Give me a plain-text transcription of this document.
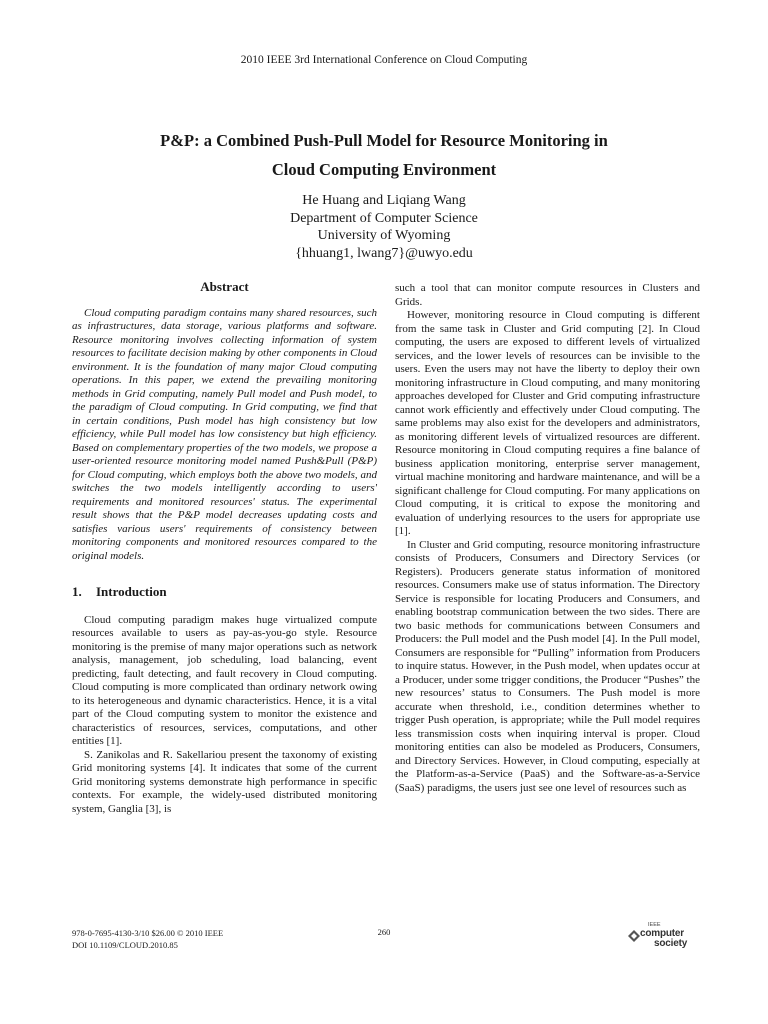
2010 IEEE 3rd International Conference on Cloud Computing
P&P: a Combined Push-Pull Model for Resource Monitoring in
Cloud Computing Environment
He Huang and Liqiang Wang
Department of Computer Science
University of Wyoming
{hhuang1, lwang7}@uwyo.edu
Abstract

Cloud computing paradigm contains many shared resources, such as infrastructures, data storage, various platforms and software. Resource monitoring involves collecting information of system resources to facilitate decision making by other components in Cloud environment. It is the foundation of many major Cloud computing operations. In this paper, we extend the prevailing monitoring methods in Grid computing, namely Pull model and Push model, to the paradigm of Cloud computing. In Grid computing, we find that in certain conditions, Push model has high consistency but low efficiency, while Pull model has low consistency but high efficiency. Based on complementary properties of the two models, we propose a user-oriented resource monitoring model named Push&Pull (P&P) for Cloud computing, which employs both the above two models, and switches the two models intelligently according to users' requirements and monitored resources' status. The experimental result shows that the P&P model decreases updating costs and satisfies various users' requirements of consistency between monitoring components and monitored resources compared to the original models.

1. Introduction

Cloud computing paradigm makes huge virtualized compute resources available to users as pay-as-you-go style. Resource monitoring is the premise of many major operations such as network analysis, management, job scheduling, load balancing, event predicting, fault detecting, and fault recovery in Cloud computing. Cloud computing is more complicated than ordinary network owing to its heterogeneous and dynamic characteristics. Hence, it is a vital part of the Cloud computing system to monitor the existence and characteristics of resources, services, computations, and other entities [1].

S. Zanikolas and R. Sakellariou present the taxonomy of existing Grid monitoring systems [4]. It indicates that some of the current Grid monitoring systems demonstrate high performance in specific contexts. For example, the widely-used distributed monitoring system, Ganglia [3], is

such a tool that can monitor compute resources in Clusters and Grids.

However, monitoring resource in Cloud computing is different from the same task in Cluster and Grid computing [2]. In Cloud computing, the users are exposed to different levels of virtualized services, and the lower levels of resources can be invisible to the users. Even the users may not have the liberty to deploy their own monitoring infrastructure in Cloud computing, and many monitoring approaches developed for Cluster and Grid computing infrastructure cannot work efficiently and effectively under Cloud computing. The same problems may also exist for the developers and administrators, as monitoring different levels of virtualized resources are different. Resource monitoring in Cloud computing requires a fine balance of business application monitoring, enterprise server management, virtual machine monitoring and hardware maintenance, and will be a significant challenge for Cloud computing. For many applications on Cloud computing, it is critical to expose the monitoring and evaluation of underlying resources to the users for appropriate use [1].

In Cluster and Grid computing, resource monitoring infrastructure consists of Producers, Consumers and Directory Services (or Registers). Producers generate status information of monitored resources. Consumers make use of status information. The Directory Service is responsible for locating Producers and Consumers, and enabling bootstrap communication between the two sides. There are two basic methods for communications between Consumers and Producers: the Pull model and the Push model [4]. In the Pull model, Consumers are responsible for “Pulling” information from Producers to inquire status. However, in the Push model, when updates occur at a Producer, under some trigger conditions, the Producer “Pushes” the new resources’ status to Consumers. The Push model is more accurate when threshold, i.e., condition determines whether to trigger Push operation, is appropriate; while the Pull model requires less transmission costs when inquiring interval is proper. Cloud monitoring entities can also be modeled as Producers, Consumers, and Directory Services. However, in Cloud computing, especially at the Platform-as-a-Service (PaaS) and the Software-as-a-Service (SaaS) paradigms, the users just see one level of resources such as

978-0-7695-4130-3/10 $26.00 © 2010 IEEE
DOI 10.1109/CLOUD.2010.85
260
IEEE
computer
society
